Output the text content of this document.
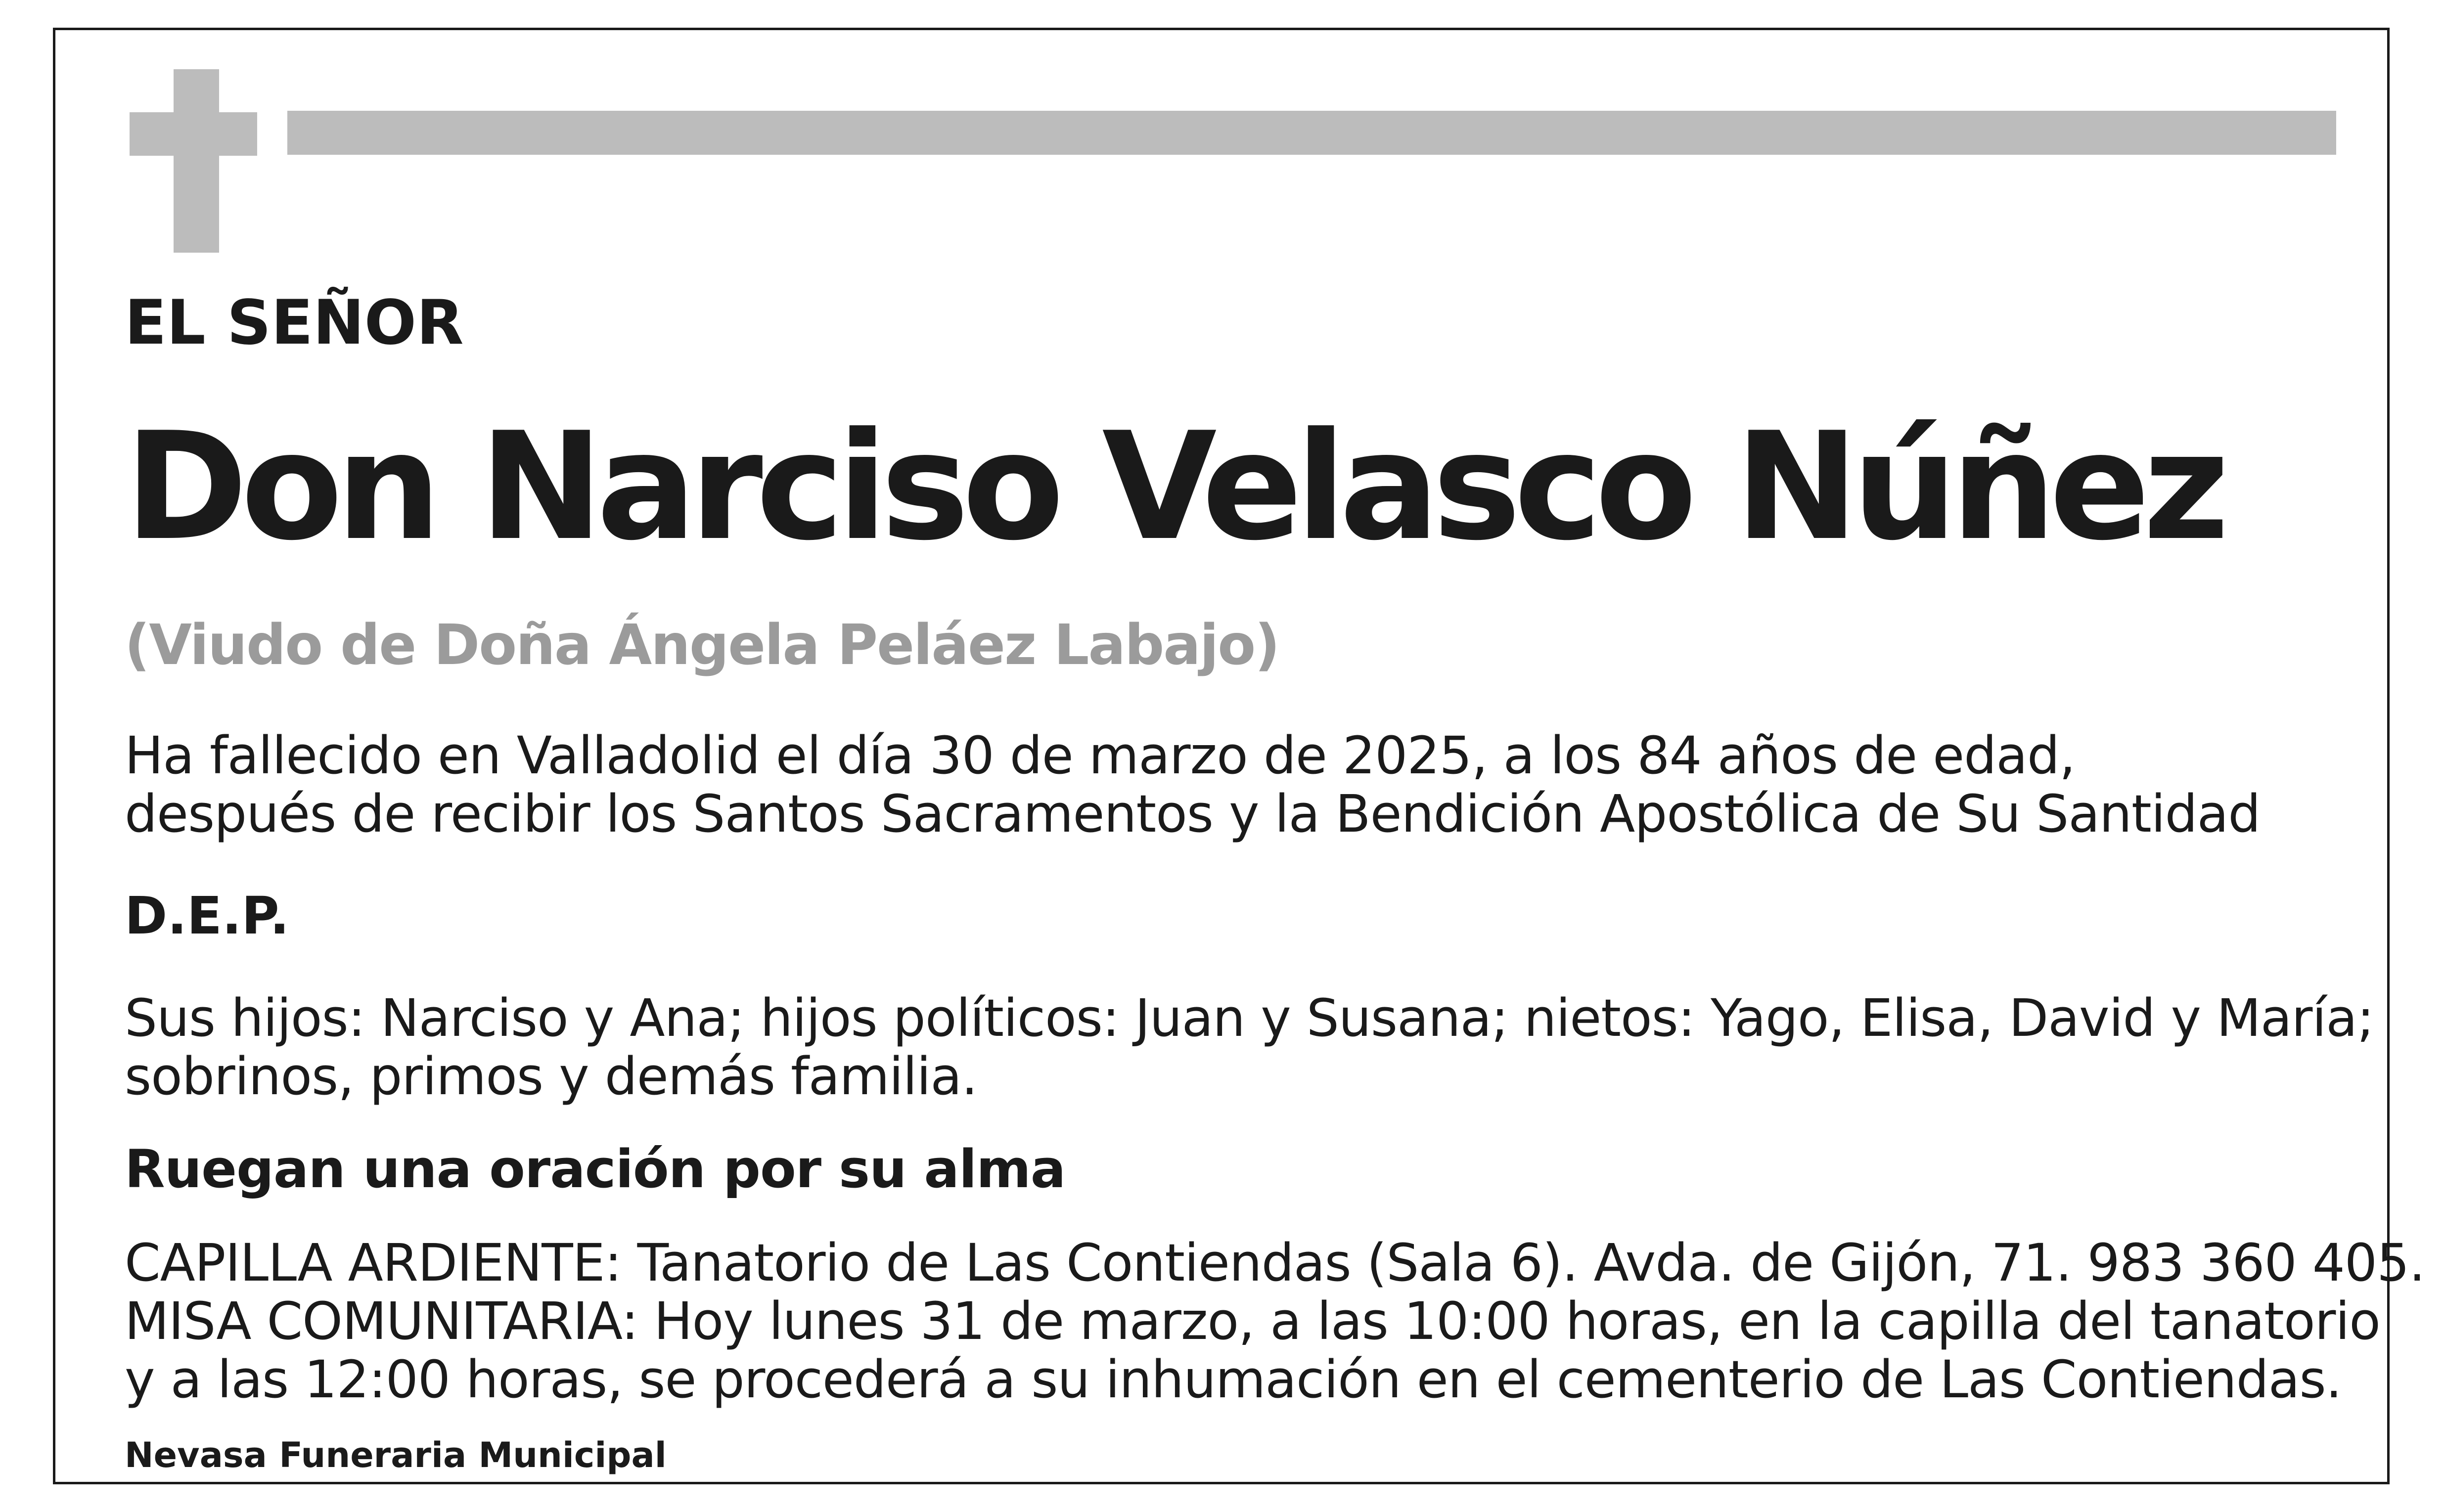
EL SEÑOR

Don Narciso Velasco Núñez

(Viudo de Doña Ángela Peláez Labajo)

Ha fallecido en Valladolid el día 30 de marzo de 2025, a los 84 años de edad,
después de recibir los Santos Sacramentos y la Bendición Apostólica de Su Santidad

D.E.P.

Sus hijos: Narciso y Ana; hijos políticos: Juan y Susana; nietos: Yago, Elisa, David y María;
sobrinos, primos y demás familia.

Ruegan una oración por su alma

CAPILLA ARDIENTE: Tanatorio de Las Contiendas (Sala 6). Avda. de Gijón, 71. 983 360 405.
MISA COMUNITARIA: Hoy lunes 31 de marzo, a las 10:00 horas, en la capilla del tanatorio
y a las 12:00 horas, se procederá a su inhumación en el cementerio de Las Contiendas.

Nevasa Funeraria Municipal
